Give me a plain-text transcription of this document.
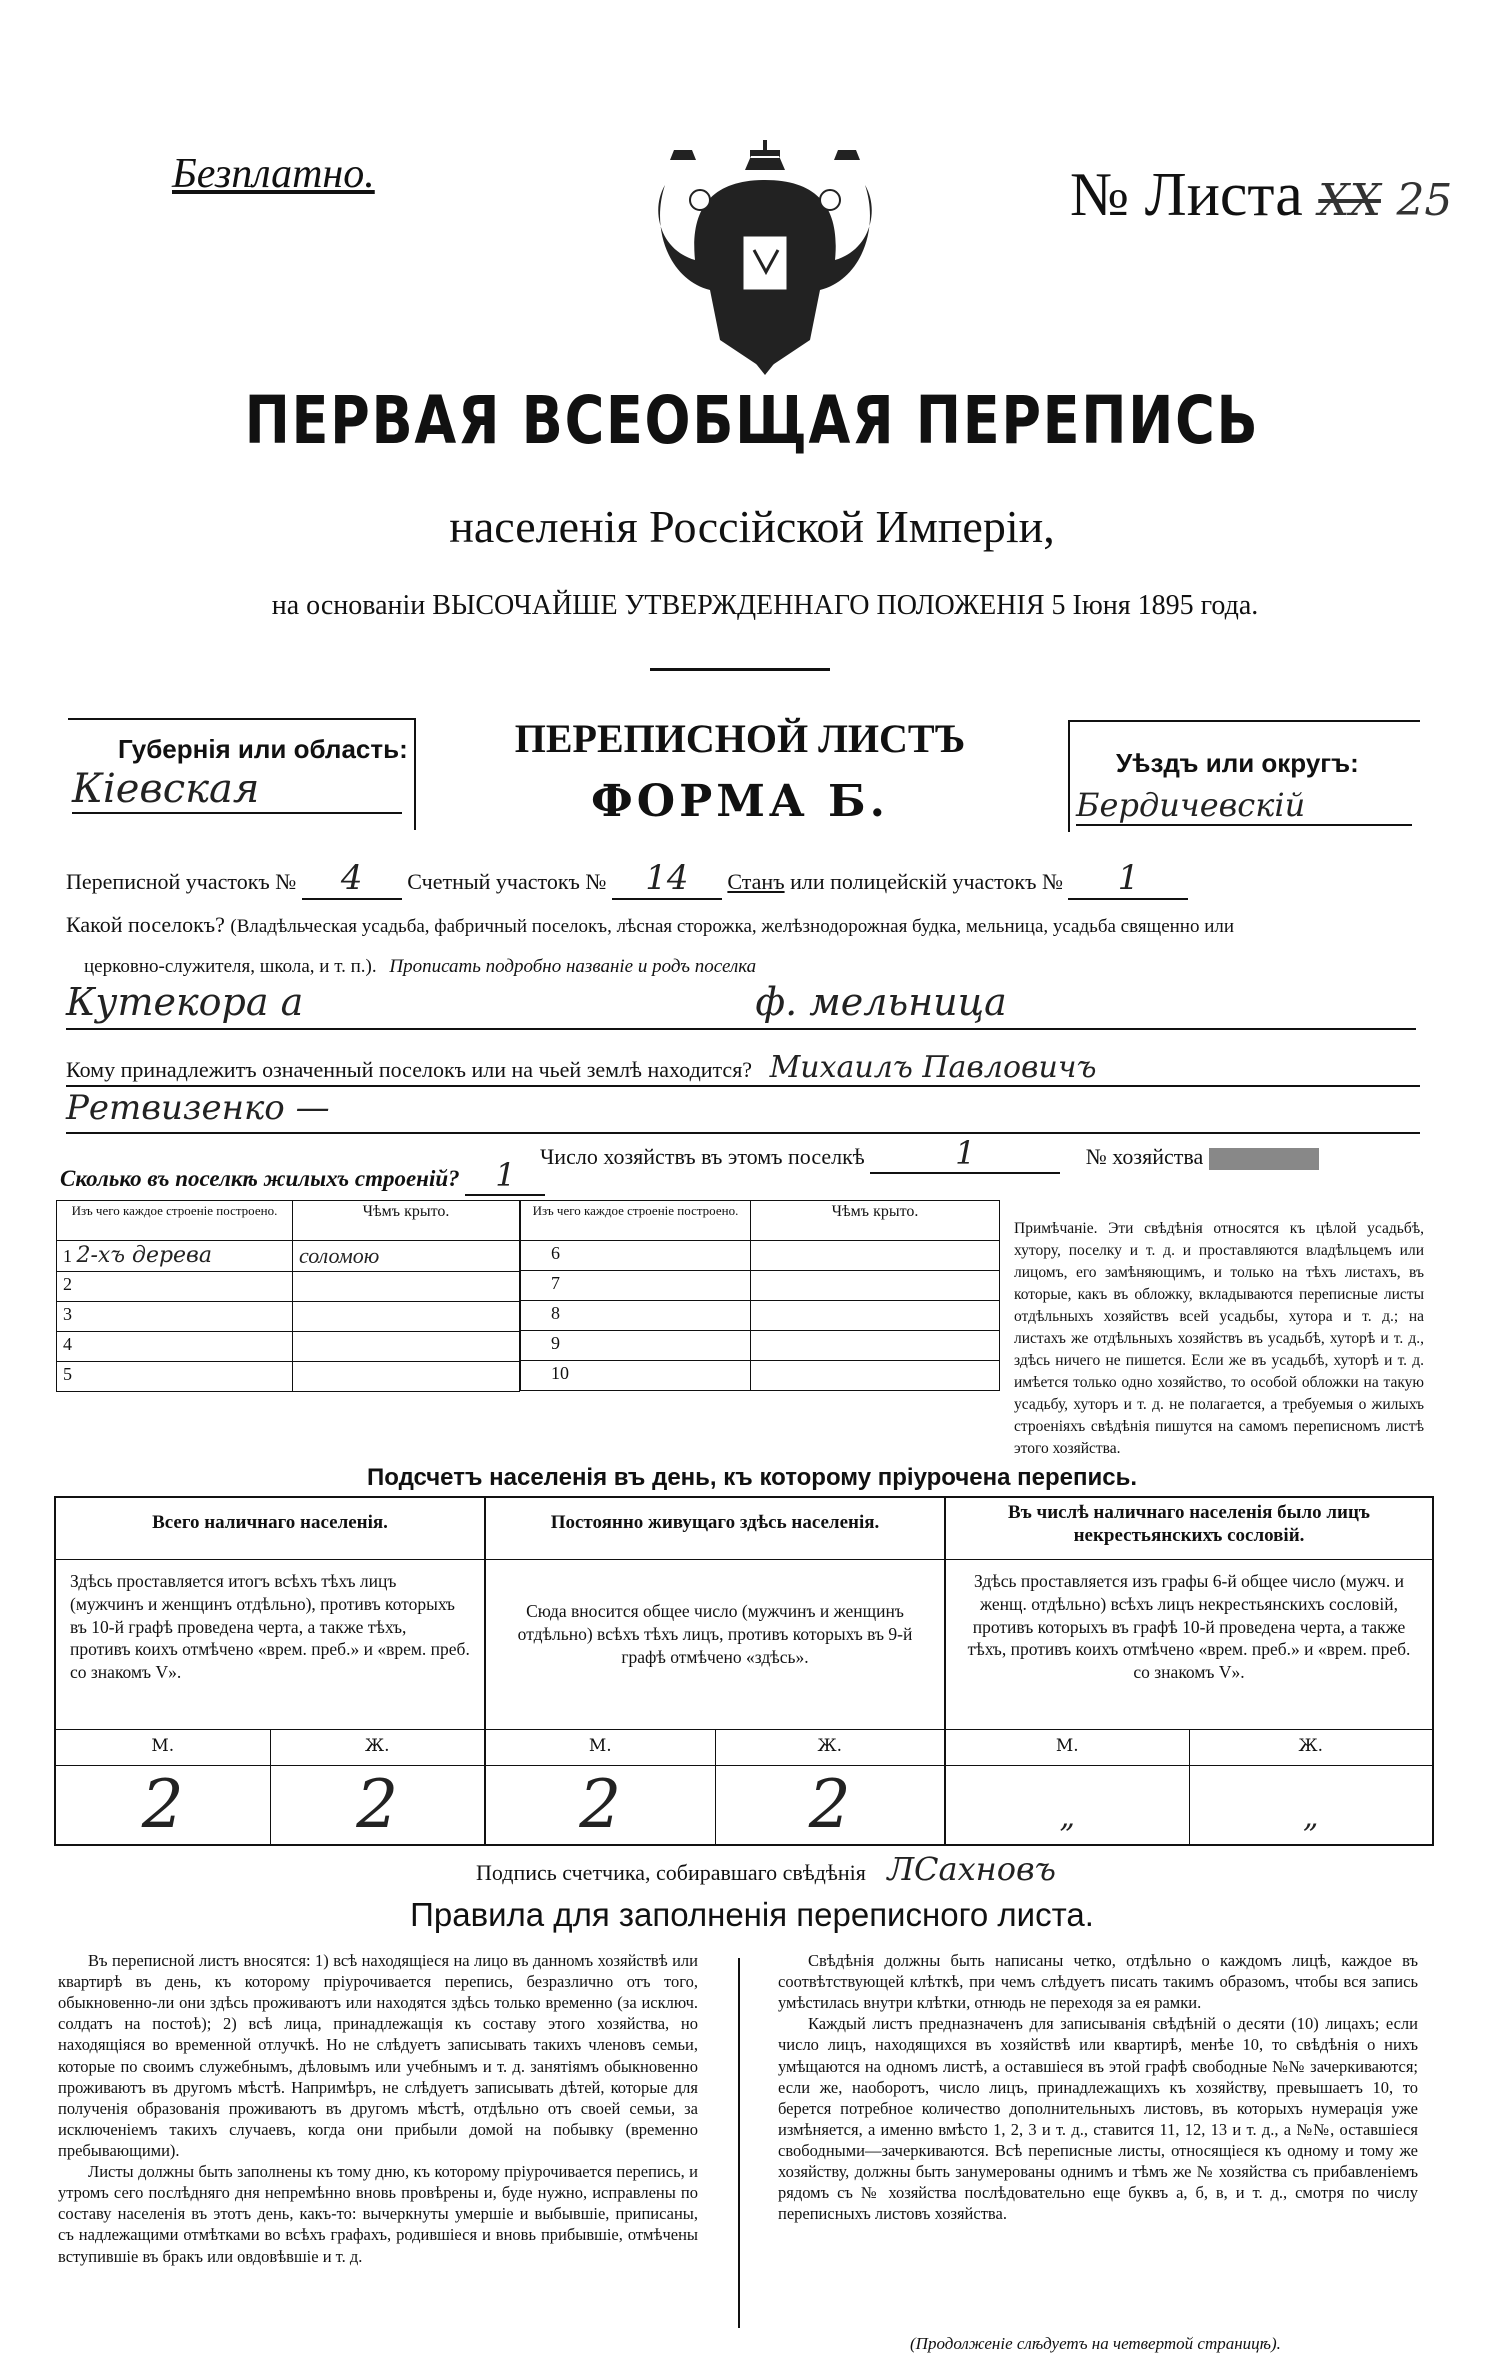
Безплатно.	№ Листа XX 25
ПЕРВАЯ ВСЕОБЩАЯ ПЕРЕПИСЬ
населенія Россійской Имперіи,
на основаніи ВЫСОЧАЙШЕ УТВЕРЖДЕННАГО ПОЛОЖЕНІЯ 5 Іюня 1895 года.
Губернія или область:
Кіевская
ПЕРЕПИСНОЙ ЛИСТЪ
ФОРМА Б.
Уѣздъ или округъ:
Бердичевскій
Переписной участокъ № 4 Счетный участокъ № 14 Станъ или полицейскій участокъ № 1
Какой поселокъ? (Владѣльческая усадьба, фабричный поселокъ, лѣсная сторожка, желѣзнодорожная будка, мельница, усадьба священно или
церковно-служителя, школа, и т. п.). Прописать подробно названіе и родъ поселка
Кутекора а	ф. мельница
Кому принадлежитъ означенный поселокъ или на чьей землѣ находится? Михаилъ Павловичъ
Ретвизенко —
Число хозяйствъ въ этомъ поселкѣ	1	№ хозяйства
Сколько въ поселкѣ жилыхъ строеній? 1
Изъ чего каждое строеніе построено.	Чѣмъ крыто.
1 2-хъ дерева	соломою
2	
3	
4	
5	
Изъ чего каждое строеніе построено.	Чѣмъ крыто.
6	
7	
8	
9	
10	
Примѣчаніе. Эти свѣдѣнія относятся къ цѣлой усадьбѣ, хутору, поселку и т. д. и проставляются владѣльцемъ или лицомъ, его замѣняющимъ, и только на тѣхъ листахъ, въ которые, какъ въ обложку, вкладываются переписные листы отдѣльныхъ хозяйствъ всей усадьбы, хутора и т. д.; на листахъ же отдѣльныхъ хозяйствъ въ усадьбѣ, хуторѣ и т. д., здѣсь ничего не пишется. Если же въ усадьбѣ, хуторѣ и т. д. имѣется только одно хозяйство, то особой обложки на такую усадьбу, хуторъ и т. д. не полагается, а требуемыя о жилыхъ строеніяхъ свѣдѣнія пишутся на самомъ переписномъ листѣ этого хозяйства.
Подсчетъ населенія въ день, къ которому пріурочена перепись.
Всего наличнаго населенія.
Здѣсь проставляется итогъ всѣхъ тѣхъ лицъ (мужчинъ и женщинъ отдѣльно), противъ которыхъ въ 10-й графѣ проведена черта, а также тѣхъ, противъ коихъ отмѣчено «врем. преб.» и «врем. преб. со знакомъ V».
М.	Ж.
2	2
Постоянно живущаго здѣсь населенія.
Сюда вносится общее число (мужчинъ и женщинъ отдѣльно) всѣхъ тѣхъ лицъ, противъ которыхъ въ 9-й графѣ отмѣчено «здѣсь».
М.	Ж.
2	2
Въ числѣ наличнаго населенія было лицъ некрестьянскихъ сословій.
Здѣсь проставляется изъ графы 6-й общее число (мужч. и женщ. отдѣльно) всѣхъ лицъ некрестьянскихъ сословій, противъ которыхъ въ графѣ 10-й проведена черта, а также тѣхъ, противъ коихъ отмѣчено «врем. преб.» и «врем. преб. со знакомъ V».
М.	Ж.
„	„
Подпись счетчика, собиравшаго свѣдѣнія ЛСахновъ
Правила для заполненія переписного листа.

Въ переписной листъ вносятся: 1) всѣ находящіеся на лицо въ данномъ хозяйствѣ или квартирѣ въ день, къ которому пріурочивается перепись, безразлично отъ того, обыкновенно-ли они здѣсь проживаютъ или находятся здѣсь только временно (за исключ. солдатъ на постоѣ); 2) всѣ лица, принадлежащія къ составу этого хозяйства, но находящіяся во временной отлучкѣ. Но не слѣдуетъ записывать такихъ членовъ семьи, которые по своимъ служебнымъ, дѣловымъ или учебнымъ и т. д. занятіямъ обыкновенно проживаютъ въ другомъ мѣстѣ. Напримѣръ, не слѣдуетъ записывать дѣтей, которые для полученія образованія проживаютъ въ другомъ мѣстѣ, отдѣльно отъ своей семьи, за исключеніемъ такихъ случаевъ, когда они прибыли домой на побывку (временно пребывающими).

Листы должны быть заполнены къ тому дню, къ которому пріурочивается перепись, и утромъ сего послѣдняго дня непремѣнно вновь провѣрены и, буде нужно, исправлены по составу населенія въ этотъ день, какъ-то: вычеркнуты умершіе и выбывшіе, приписаны, съ надлежащими отмѣтками во всѣхъ графахъ, родившіеся и вновь прибывшіе, отмѣчены вступившіе въ бракъ или овдовѣвшіе и т. д.

Свѣдѣнія должны быть написаны четко, отдѣльно о каждомъ лицѣ, каждое въ соотвѣтствующей клѣткѣ, при чемъ слѣдуетъ писать такимъ образомъ, чтобы вся запись умѣстилась внутри клѣтки, отнюдь не переходя за ея рамки.

Каждый листъ предназначенъ для записыванія свѣдѣній о десяти (10) лицахъ; если число лицъ, находящихся въ хозяйствѣ или квартирѣ, менѣе 10, то свѣдѣнія о нихъ умѣщаются на одномъ листѣ, а оставшіеся въ этой графѣ свободные №№ зачеркиваются; если же, наоборотъ, число лицъ, принадлежащихъ къ хозяйству, превышаетъ 10, то берется потребное количество дополнительныхъ листовъ, въ которыхъ нумерація уже измѣняется, а именно вмѣсто 1, 2, 3 и т. д., ставится 11, 12, 13 и т. д., а №№, оставшіеся свободными—зачеркиваются. Всѣ переписные листы, относящіеся къ одному и тому же хозяйству, должны быть занумерованы однимъ и тѣмъ же № хозяйства съ прибавленіемъ рядомъ съ № хозяйства послѣдовательно еще буквъ а, б, в, и т. д., смотря по числу переписныхъ листовъ хозяйства.

(Продолженіе слѣдуетъ на четвертой страницѣ).
